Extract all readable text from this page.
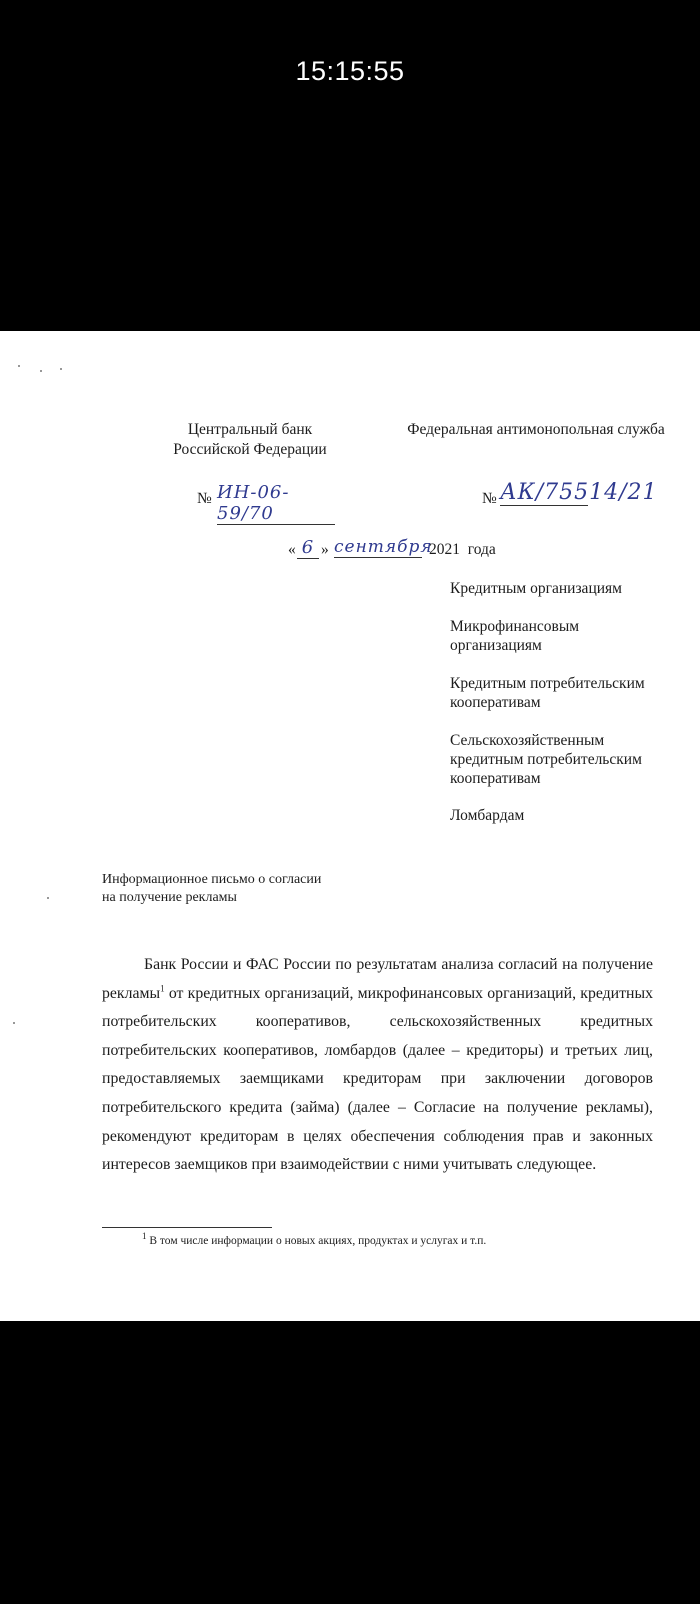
15:15:55
Центральный банк
Российской Федерации
Федеральная антимонопольная служба
№ ИН-06-59/70
№ АК/75514/21
« 6 » сентября
2021  года
Кредитным организациям
Микрофинансовым
организациям
Кредитным потребительским
кооперативам
Сельскохозяйственным
кредитным потребительским
кооперативам
Ломбардам
Информационное письмо о согласии
на получение рекламы

Банк России и ФАС России по результатам анализа согласий на получение рекламы$^1$ от кредитных организаций, микрофинансовых организаций, кредитных потребительских кооперативов, сельскохозяйственных кредитных потребительских кооперативов, ломбардов (далее – кредиторы) и третьих лиц, предоставляемых заемщиками кредиторам при заключении договоров потребительского кредита (займа) (далее – Согласие на получение рекламы), рекомендуют кредиторам в целях обеспечения соблюдения прав и законных интересов заемщиков при взаимодействии с ними учитывать следующее.

$^1$ В том числе информации о новых акциях, продуктах и услугах и т.п.
